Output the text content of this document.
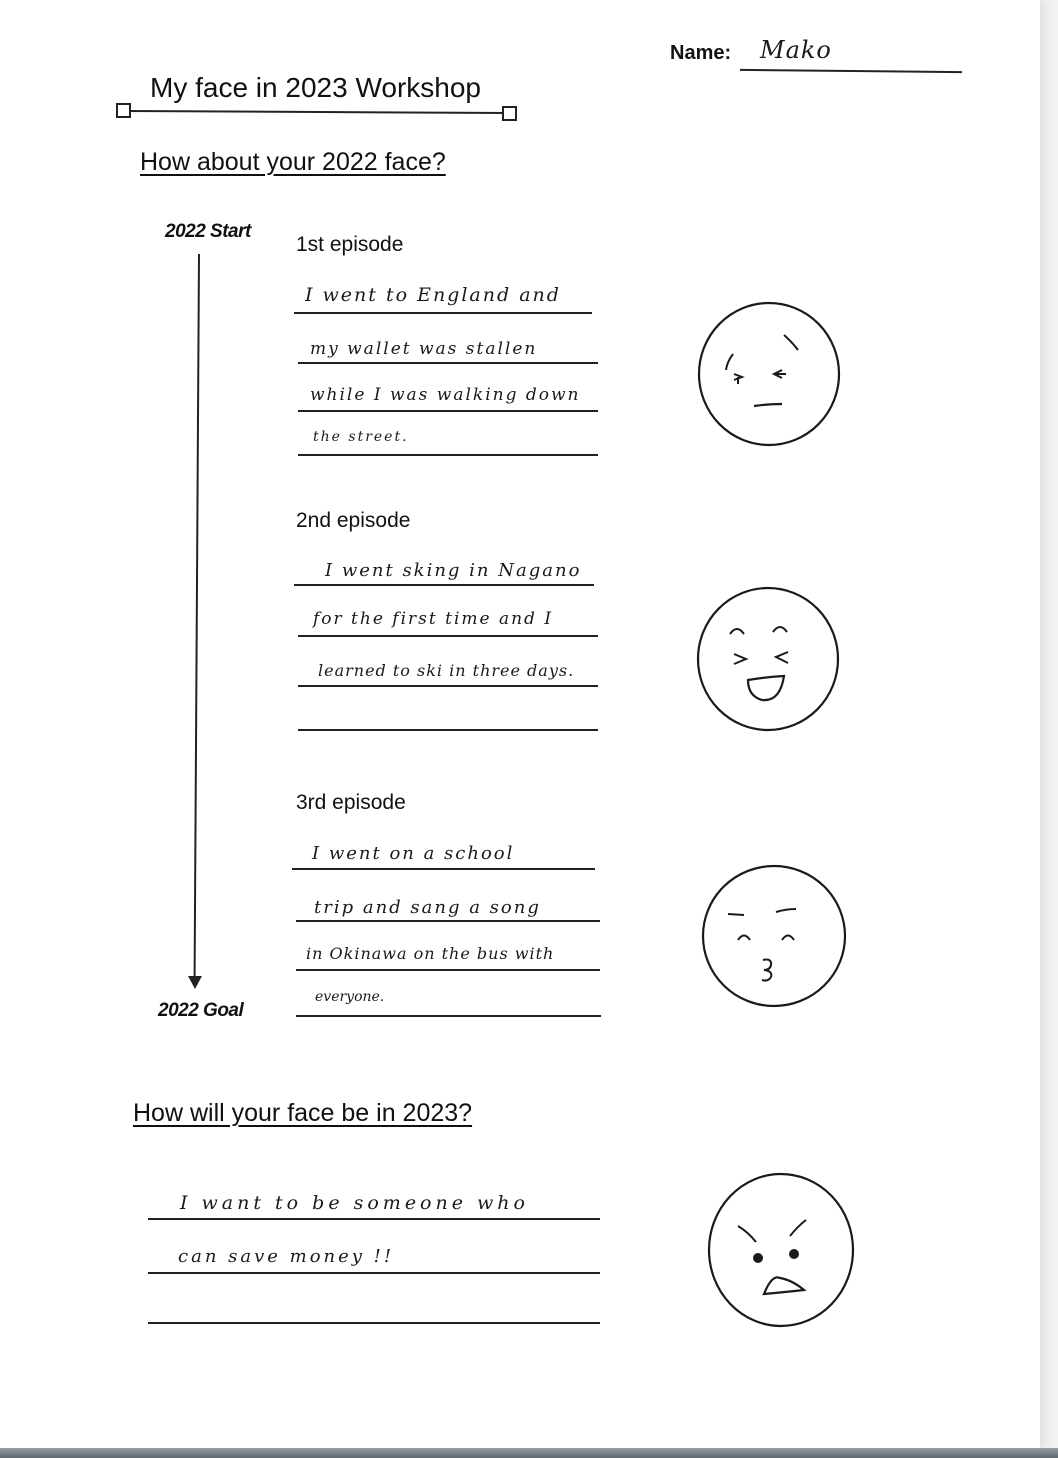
Name: Mako
My face in 2023 Workshop
How about your 2022 face?
2022 Start
2022 Goal
1st episode
I went to England and
my wallet was stallen
while I was walking down
the street.
2nd episode
I went sking in Nagano
for the first time and I
learned to ski in three days.
3rd episode
I went on a school
trip and sang a song
in Okinawa on the bus with
everyone.
How will your face be in 2023?
I want to be someone who
can save money !!
